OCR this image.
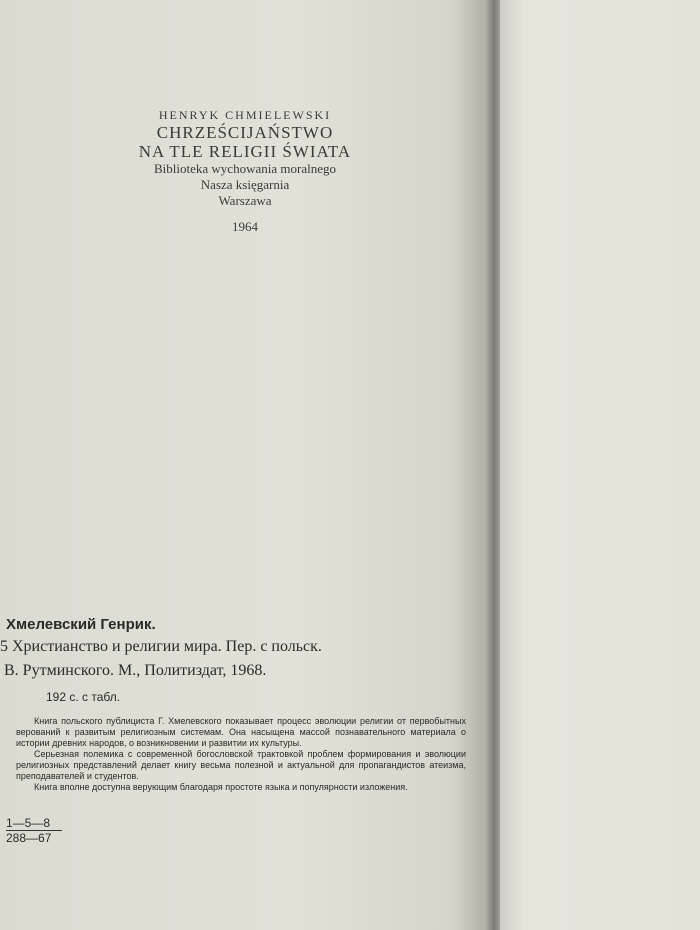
HENRYK CHMIELEWSKI
CHRZEŚCIJAŃSTWO
NA TLE RELIGII ŚWIATA
Biblioteka wychowania moralnego
Nasza księgarnia
Warszawa
1964
Хмелевский Генрик.
5 Христианство и религии мира. Пер. с польск.
В. Рутминского. М., Политиздат, 1968.
192 с. с табл.

Книга польского публициста Г. Хмелевского показывает процесс эволюции религии от первобытных верований к развитым религиозным системам. Она насыщена массой познавательного материала о истории древних народов, о возникновении и развитии их культуры.

Серьезная полемика с современной богословской трактовкой проблем формирования и эволюции религиозных представлений делает книгу весьма полезной и актуальной для пропагандистов атеизма, преподавателей и студентов.

Книга вполне доступна верующим благодаря простоте языка и популярности изложения.

1—5—8
288—67
